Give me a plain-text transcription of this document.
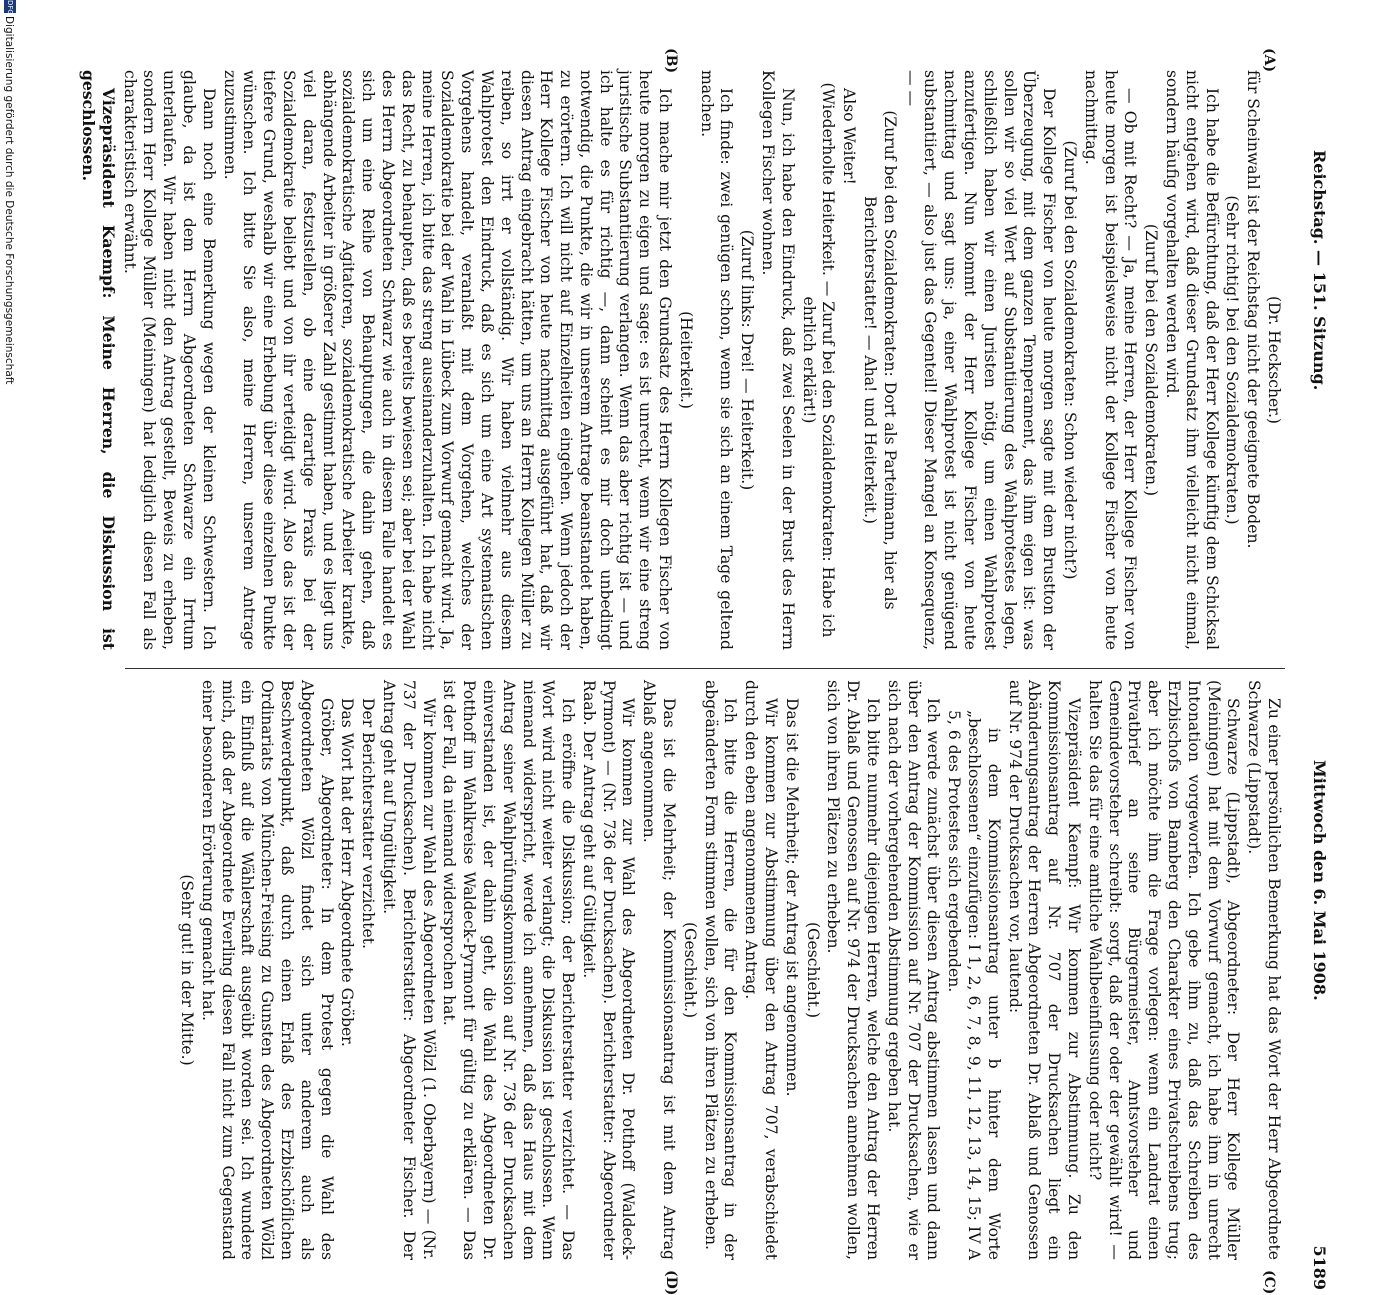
Reichstag. — 151. Sitzung.
Mittwoch den 6. Mai 1908.
5189
(A)
(B)
(C)
(D)

(Dr. Heckscher.)

für Scheinwahl ist der Reichstag nicht der geeignete Boden.

(Sehr richtig! bei den Sozialdemokraten.)

Ich habe die Befürchtung, daß der Herr Kollege künftig dem Schicksal nicht entgehen wird, daß dieser Grundsatz ihm vielleicht nicht einmal, sondern häufig vorgehalten werden wird.

(Zuruf bei den Sozialdemokraten.)

— Ob mit Recht? — Ja, meine Herren, der Herr Kollege Fischer von heute morgen ist beispielsweise nicht der Kollege Fischer von heute nachmittag.

(Zuruf bei den Sozialdemokraten: Schon wieder nicht?)

Der Kollege Fischer von heute morgen sagte mit dem Brustton der Überzeugung, mit dem ganzen Temperament, das ihm eigen ist: was sollen wir so viel Wert auf Substantiierung des Wahlprotestes legen, schließlich haben wir einen Juristen nötig, um einen Wahlprotest anzufertigen. Nun kommt der Herr Kollege Fischer von heute nachmittag und sagt uns: ja, einer Wahlprotest ist nicht genügend substantiiert, — also just das Gegenteil! Dieser Mangel an Konsequenz, — —

(Zuruf bei den Sozialdemokraten: Dort als Parteimann, hier als Berichterstatter! — Aha! und Heiterkeit.)

Also Weiter!

(Wiederholte Heiterkeit. — Zuruf bei den Sozialdemokraten: Habe ich ehrlich erklärt!)

Nun, ich habe den Eindruck, daß zwei Seelen in der Brust des Herrn Kollegen Fischer wohnen.

(Zuruf links: Drei! — Heiterkeit.)

Ich finde: zwei genügen schon, wenn sie sich an einem Tage geltend machen.

(Heiterkeit.)

Ich mache mir jetzt den Grundsatz des Herrn Kollegen Fischer von heute morgen zu eigen und sage: es ist unrecht, wenn wir eine streng juristische Substantiierung verlangen. Wenn das aber richtig ist — und ich halte es für richtig —, dann scheint es mir doch unbedingt notwendig, die Punkte, die wir in unserem Antrage beanstandet haben, zu erörtern. Ich will nicht auf Einzelheiten eingehen. Wenn jedoch der Herr Kollege Fischer von heute nachmittag ausgeführt hat, daß wir diesen Antrag eingebracht hätten, um uns an Herrn Kollegen Müller zu reiben, so irrt er vollständig. Wir haben vielmehr aus diesem Wahlprotest den Eindruck, daß es sich um eine Art systematischen Vorgehens handelt, veranlaßt mit dem Vorgehen, welches der Sozialdemokratie bei der Wahl in Lübeck zum Vorwurf gemacht wird. Ja, meine Herren, ich bitte das streng auseinanderzuhalten. Ich habe nicht das Recht, zu behaupten, daß es bereits bewiesen sei; aber bei der Wahl des Herrn Abgeordneten Schwarz wie auch in diesem Falle handelt es sich um eine Reihe von Behauptungen, die dahin gehen, daß sozialdemokratische Agitatoren, sozialdemokratische Arbeiter krankte, abhängende Arbeiter in größerer Zahl gestimmt haben, und es liegt uns viel daran, festzustellen, ob eine derartige Praxis bei der Sozialdemokratie beliebt und von ihr verteidigt wird. Also das ist der tiefere Grund, weshalb wir eine Erhebung über diese einzelnen Punkte wünschen. Ich bitte Sie also, meine Herren, unserem Antrage zuzustimmen.

Dann noch eine Bemerkung wegen der kleinen Schwestern. Ich glaube, da ist dem Herrn Abgeordneten Schwarze ein Irrtum unterlaufen. Wir haben nicht den Antrag gestellt, Beweis zu erheben, sondern Herr Kollege Müller (Meiningen) hat lediglich diesen Fall als charakteristisch erwähnt.

Vizepräsident Kaempf: Meine Herren, die Diskussion ist geschlossen.

Zu einer persönlichen Bemerkung hat das Wort der Herr Abgeordnete Schwarze (Lippstadt).

Schwarze (Lippstadt), Abgeordneter: Der Herr Kollege Müller (Meiningen) hat mit dem Vorwurf gemacht, ich habe ihm in unrecht Intonation vorgeworfen. Ich gebe ihm zu, daß das Schreiben des Erzbischofs von Bamberg den Charakter eines Privatschreibens trug; aber ich möchte ihm die Frage vorlegen: wenn ein Landrat einen Privatbrief an seine Bürgermeister, Amtsvorsteher und Gemeindevorsteher schreibt: sorgt, daß der oder der gewählt wird! — halten Sie das für eine amtliche Wahlbeeinflussung oder nicht?

Vizepräsident Kaempf: Wir kommen zur Abstimmung. Zu den Kommissionsantrag auf Nr. 707 der Drucksachen liegt ein Abänderungsantrag der Herren Abgeordneten Dr. Ablaß und Genossen auf Nr. 974 der Drucksachen vor, lautend:

in dem Kommissionsantrag unter b hinter dem Worte „beschlossenen“ einzufügen: I 1, 2, 6, 7, 8, 9, 11, 12, 13, 14, 15; IV A 5, 6 des Protestes sich ergebenden.

Ich werde zunächst über diesen Antrag abstimmen lassen und dann über den Antrag der Kommission auf Nr. 707 der Drucksachen, wie er sich nach der vorhergehenden Abstimmung ergeben hat.

Ich bitte nunmehr diejenigen Herren, welche den Antrag der Herren Dr. Ablaß und Genossen auf Nr. 974 der Drucksachen annehmen wollen, sich von ihren Plätzen zu erheben.

(Geschieht.)

Das ist die Mehrheit; der Antrag ist angenommen.

Wir kommen zur Abstimmung über den Antrag 707, verabschiedet durch den eben angenommenen Antrag.

Ich bitte die Herren, die für den Kommissionsantrag in der abgeänderten Form stimmen wollen, sich von ihren Plätzen zu erheben.

(Geschieht.)

Das ist die Mehrheit; der Kommissionsantrag ist mit dem Antrag Ablaß angenommen.

Wir kommen zur Wahl des Abgeordneten Dr. Potthoff (Waldeck-Pyrmont) — (Nr. 736 der Drucksachen). Berichterstatter: Abgeordneter Raab. Der Antrag geht auf Gültigkeit.

Ich eröffne die Diskussion; der Berichterstatter verzichtet. — Das Wort wird nicht weiter verlangt; die Diskussion ist geschlossen. Wenn niemand widerspricht, werde ich annehmen, daß das Haus mit dem Antrag seiner Wahlprüfungskommission auf Nr. 736 der Drucksachen einverstanden ist, der dahin geht, die Wahl des Abgeordneten Dr. Potthoff im Wahlkreise Waldeck-Pyrmont für gültig zu erklären. — Das ist der Fall, da niemand widersprochen hat.

Wir kommen zur Wahl des Abgeordneten Wölzl (1. Oberbayern) — (Nr. 737 der Drucksachen). Berichterstatter: Abgeordneter Fischer. Der Antrag geht auf Ungültigkeit.

Der Berichterstatter verzichtet.

Das Wort hat der Herr Abgeordnete Gröber.

Gröber, Abgeordneter: In dem Protest gegen die Wahl des Abgeordneten Wölzl findet sich unter anderem auch als Beschwerdepunkt, daß durch einen Erlaß des Erzbischöflichen Ordinariats von München-Freising zu Gunsten des Abgeordneten Wölzl ein Einfluß auf die Wählerschaft ausgeübt worden sei. Ich wundere mich, daß der Abgeordnete Everling diesen Fall nicht zum Gegenstand einer besonderen Erörterung gemacht hat.

(Sehr gut! in der Mitte.)

DFG
Digitalisierung gefördert durch die Deutsche Forschungsgemeinschaft
